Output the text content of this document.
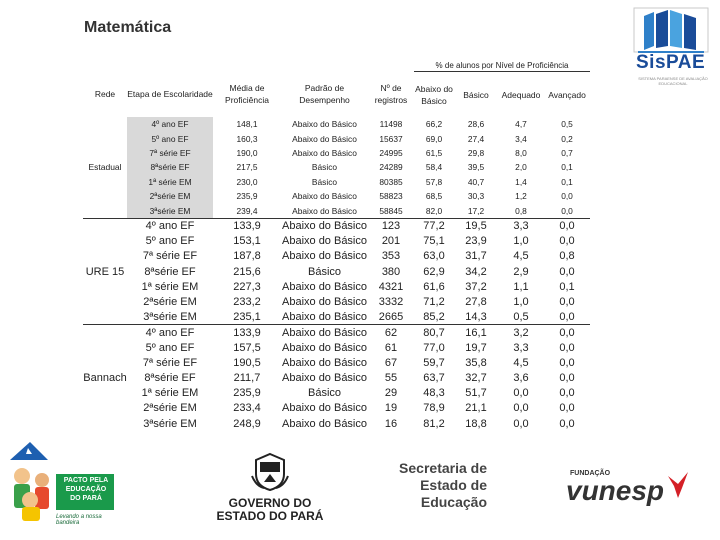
Matemática
SisPAE
SISTEMA PARAENSE DE AVALIAÇÃO EDUCACIONAL
					% de alunos por Nível de Proficiência			
Rede	Etapa de Escolaridade	Média de Proficiência	Padrão de Desempenho	Nº de registros	Abaixo do Básico	Básico	Adequado	Avançado
Estadual	4º ano EF	148,1	Abaixo do Básico	11498	66,2	28,6	4,7	0,5
	5º ano EF	160,3	Abaixo do Básico	15637	69,0	27,4	3,4	0,2
	7ª série EF	190,0	Abaixo do Básico	24995	61,5	29,8	8,0	0,7
	8ªsérie EF	217,5	Básico	24289	58,4	39,5	2,0	0,1
	1ª série EM	230,0	Básico	80385	57,8	40,7	1,4	0,1
	2ªsérie EM	235,9	Abaixo do Básico	58823	68,5	30,3	1,2	0,0
	3ªsérie EM	239,4	Abaixo do Básico	58845	82,0	17,2	0,8	0,0
URE 15	4º ano EF	133,9	Abaixo do Básico	123	77,2	19,5	3,3	0,0
	5º ano EF	153,1	Abaixo do Básico	201	75,1	23,9	1,0	0,0
	7ª série EF	187,8	Abaixo do Básico	353	63,0	31,7	4,5	0,8
	8ªsérie EF	215,6	Básico	380	62,9	34,2	2,9	0,0
	1ª série EM	227,3	Abaixo do Básico	4321	61,6	37,2	1,1	0,1
	2ªsérie EM	233,2	Abaixo do Básico	3332	71,2	27,8	1,0	0,0
	3ªsérie EM	235,1	Abaixo do Básico	2665	85,2	14,3	0,5	0,0
Bannach	4º ano EF	133,9	Abaixo do Básico	62	80,7	16,1	3,2	0,0
	5º ano EF	157,5	Abaixo do Básico	61	77,0	19,7	3,3	0,0
	7ª série EF	190,5	Abaixo do Básico	67	59,7	35,8	4,5	0,0
	8ªsérie EF	211,7	Abaixo do Básico	55	63,7	32,7	3,6	0,0
	1ª série EM	235,9	Básico	29	48,3	51,7	0,0	0,0
	2ªsérie EM	233,4	Abaixo do Básico	19	78,9	21,1	0,0	0,0
	3ªsérie EM	248,9	Abaixo do Básico	16	81,2	18,8	0,0	0,0
PACTO PELA
EDUCAÇÃO
DO PARÁ
Levando a nossa bandeira
GOVERNO DO
ESTADO DO PARÁ
Secretaria de
Estado de
Educação
FUNDAÇÃO
vunesp
